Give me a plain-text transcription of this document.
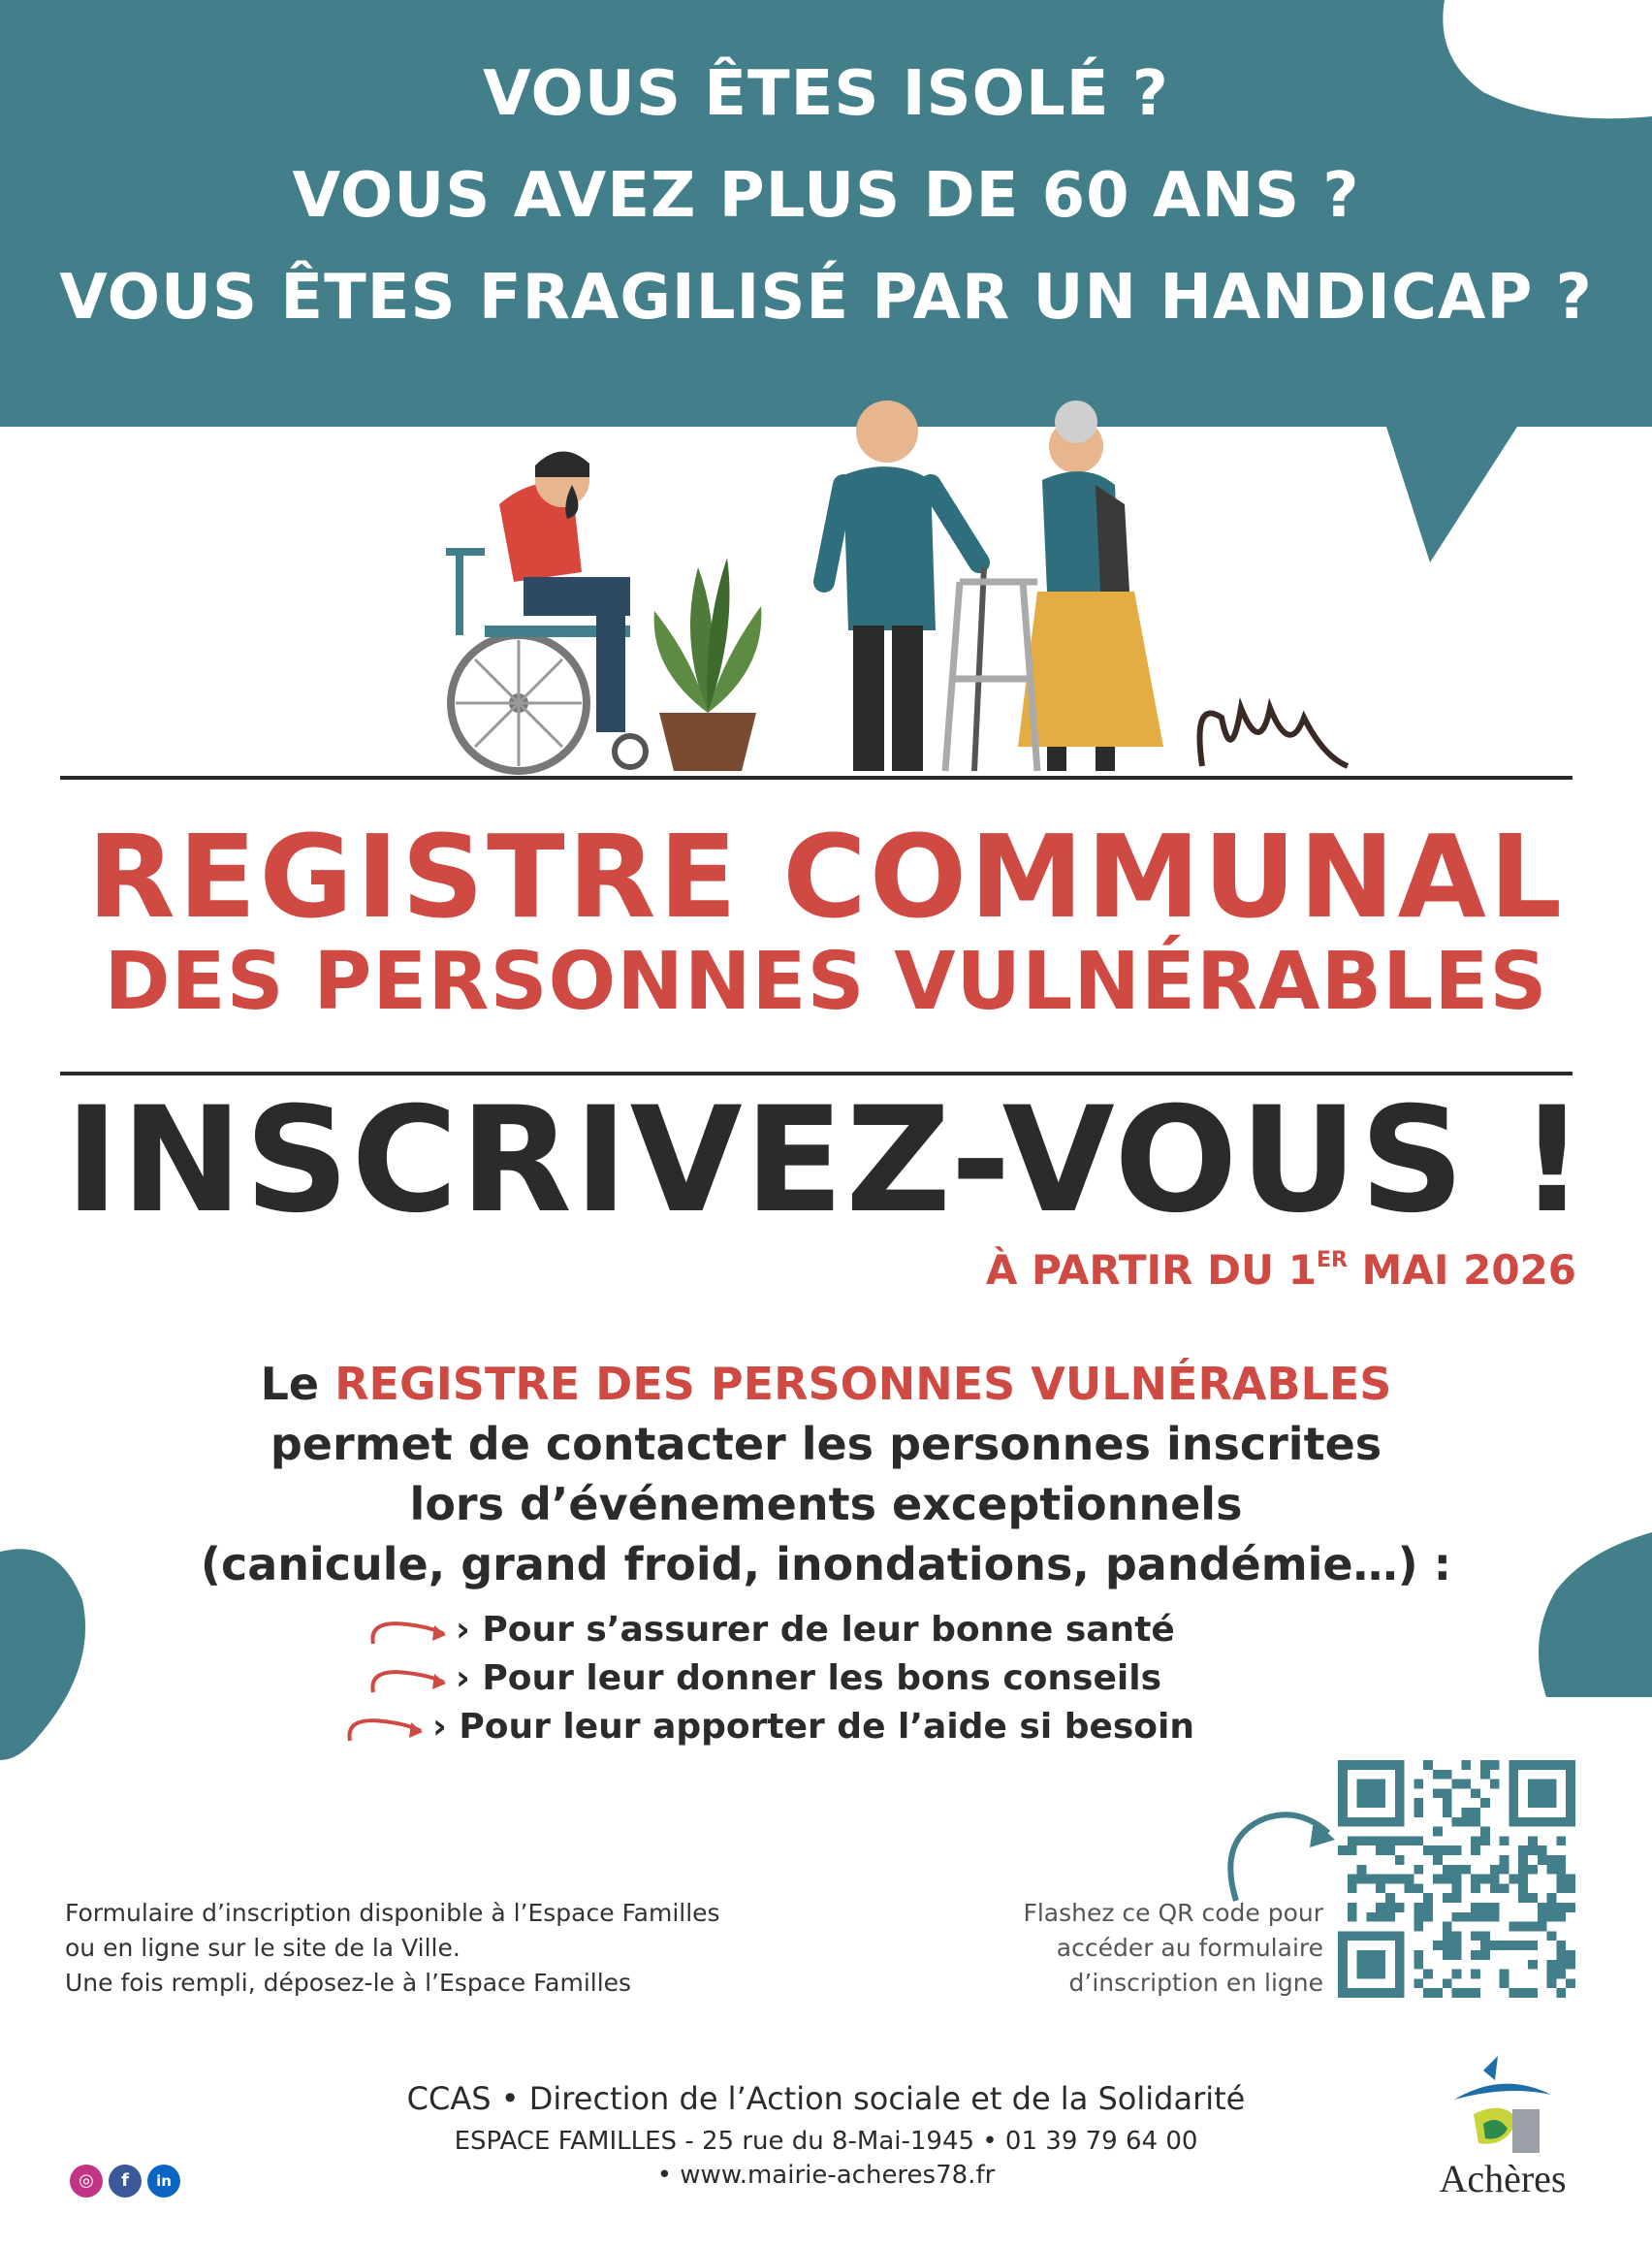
VOUS ÊTES ISOLÉ ?
VOUS AVEZ PLUS DE 60 ANS ?
VOUS ÊTES FRAGILISÉ PAR UN HANDICAP ?
REGISTRE COMMUNAL
DES PERSONNES VULNÉRABLES
INSCRIVEZ-VOUS !
À PARTIR DU 1ER MAI 2026
Le REGISTRE DES PERSONNES VULNÉRABLES
permet de contacter les personnes inscrites
lors d’événements exceptionnels
(canicule, grand froid, inondations, pandémie…) :
› Pour s’assurer de leur bonne santé
› Pour leur donner les bons conseils
› Pour leur apporter de l’aide si besoin
Formulaire d’inscription disponible à l’Espace Familles
ou en ligne sur le site de la Ville.
Une fois rempli, déposez-le à l’Espace Familles
Flashez ce QR code pour
accéder au formulaire
d’inscription en ligne
CCAS • Direction de l’Action sociale et de la Solidarité
ESPACE FAMILLES - 25 rue du 8-Mai-1945 • 01 39 79 64 00
• www.mairie-acheres78.fr
◎ f in	Achères
